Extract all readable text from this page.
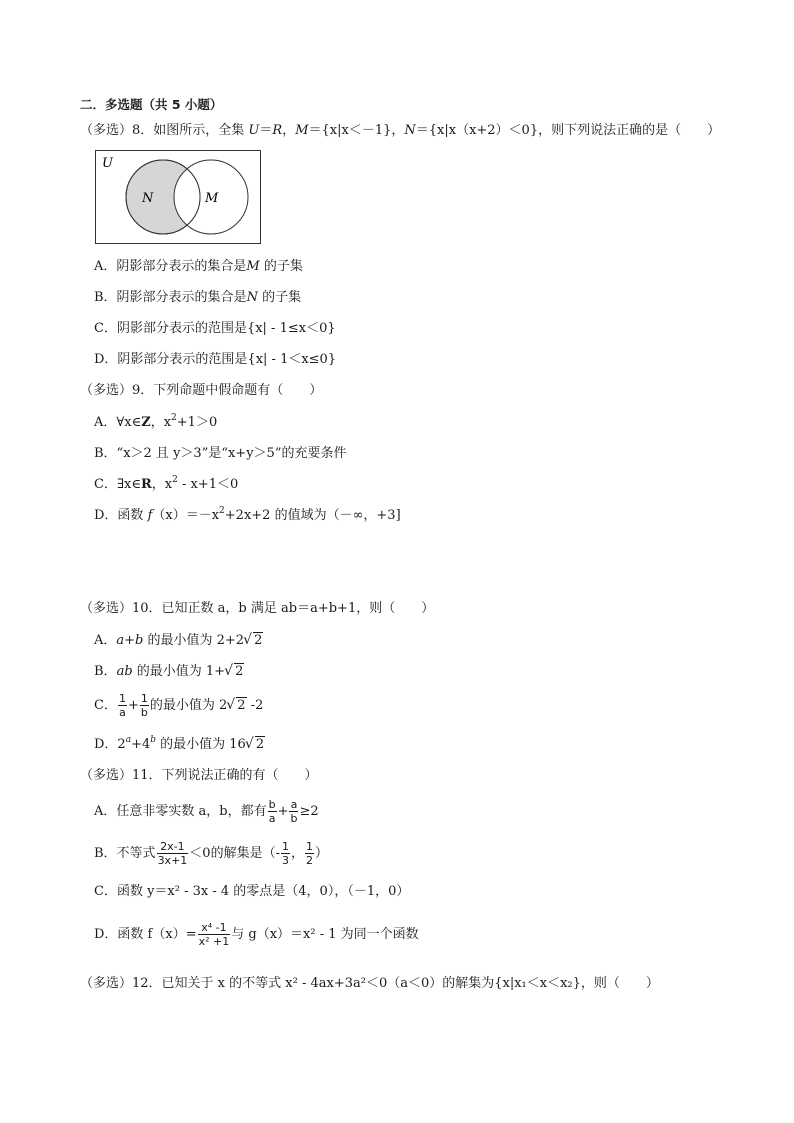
二．多选题（共 5 小题）
（多选）8．如图所示，全集 U＝R，M＝{x|x＜－1}，N＝{x|x（x+2）＜0}，则下列说法正确的是（　　）
U
N	M
A．阴影部分表示的集合是M 的子集
B．阴影部分表示的集合是N 的子集
C．阴影部分表示的范围是{x| - 1≤x＜0}
D．阴影部分表示的范围是{x| - 1＜x≤0}
（多选）9．下列命题中假命题有（　　）
A．∀x∈Z，$x^2+1>0$
B．“x＞2 且 y＞3”是“x+y＞5”的充要条件
C．∃x∈R，$x^2 - x+1<0$
D．函数 $f(x)=-x^2+2x+2$ 的值域为（－∞，+3]
（多选）10．已知正数 a，b 满足 ab＝a+b+1，则（　　）
A．a+b 的最小值为 2+2 √ 2
B．ab 的最小值为 1+ √ 2
C． $\frac{1}{a} + \frac{1}{b}$ 的最小值为 2 √ 2 -2
D．$2^a+4^b$ 的最小值为 16 √ 2
（多选）11．下列说法正确的有（　　）
A．任意非零实数 a，b，都有 $\frac{b}{a} + \frac{a}{b} \ge 2$
B．不等式 $\frac{2x-1}{3x+1} <0$的解集是（- $\frac{1}{3}$ ， $\frac{1}{2}$ ）
C．函数 y＝x² - 3x - 4 的零点是（4，0），（－1，0）
D．函数 $f(x)= \frac{\text{x⁴ -1}}{\text{x² +1}}$ 与 g（x）＝x² - 1 为同一个函数
（多选）12．已知关于 x 的不等式 x² - 4ax+3a²＜0（a＜0）的解集为{x|x₁＜x＜x₂}，则（　　）
